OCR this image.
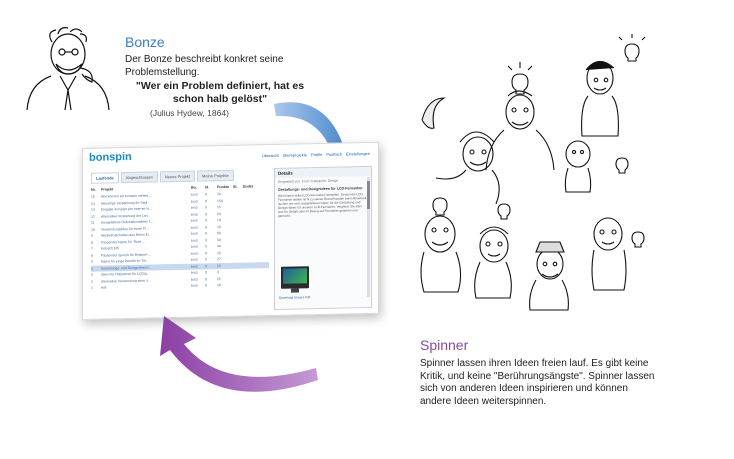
Bonze
Der Bonze beschreibt konkret seine Problemstellung.
"Wer ein Problem definiert, hat es schon halb gelöst"
(Julius Hydew, 1864)
bonspin	Übersicht Ideenprojekte Profile Postfach Einstellungen
Laufende	Abgeschlossen	Neues Projekt	Meine Projekte
Nr.	Projekt	Bo.	Id.	Punkte	St.	Endet
15	Wie können wir bonspin verbes...	bm3	0	20
14	Neuartige Verpackung für Segl...	bm3	0	150
13	Eingabe-Konzept per Internet m...	bm3	0	15
12	Alternative Verwertung der Lan...	bm3	0	20
11	Ausgefallene Dekorationsideen f...	bm3	0	10
10	Verwendungsidee für einen Fl...	bm3	0	10
9	Werbebotschaften aus Beton fü...	bm3	0	60
8	Passender Name für "Bute ...	bm3	0	50
7	Kubisch Effi	bm3	0	40
6	Passender Spruch für Beispiel-...	bm3	0	10
5	Name für junge Burelte im Tal...	bm3	0	27
4	Gestaltungs- und Designideen f...	bm3	0	25
3	Ideen für Plakatcher für LCDig...	bm3	0	3
2	Alternative Verwendung einer s...	bm3	0	25
1	test	bm3	0	10
Details
Eingestellt von: bm3 / Kategorie: Design
Gestaltungs- und Designideen für LCD-Fernseher
Wir können selbst LCD-Fernseher herstellen. Derzeit die LCD-Fernseher stellen nicht zu seinen Brand-Kunden beim Abverkauf, suchen wir nach ausgefallenen Ideen für die Gestaltung und Design-Ideen für unseren LCD-Fernseher. Vergleich Sie alles was Ihr Gefallt oder im Bezug auf Fernseher gesehen und gemacht.
Download Unsere Pdf
Spinner
Spinner lassen ihren Ideen freien lauf. Es gibt keine Kritik, und keine "Berührungsängste". Spinner lassen sich von anderen Ideen inspirieren und können andere Ideen weiterspinnen.
